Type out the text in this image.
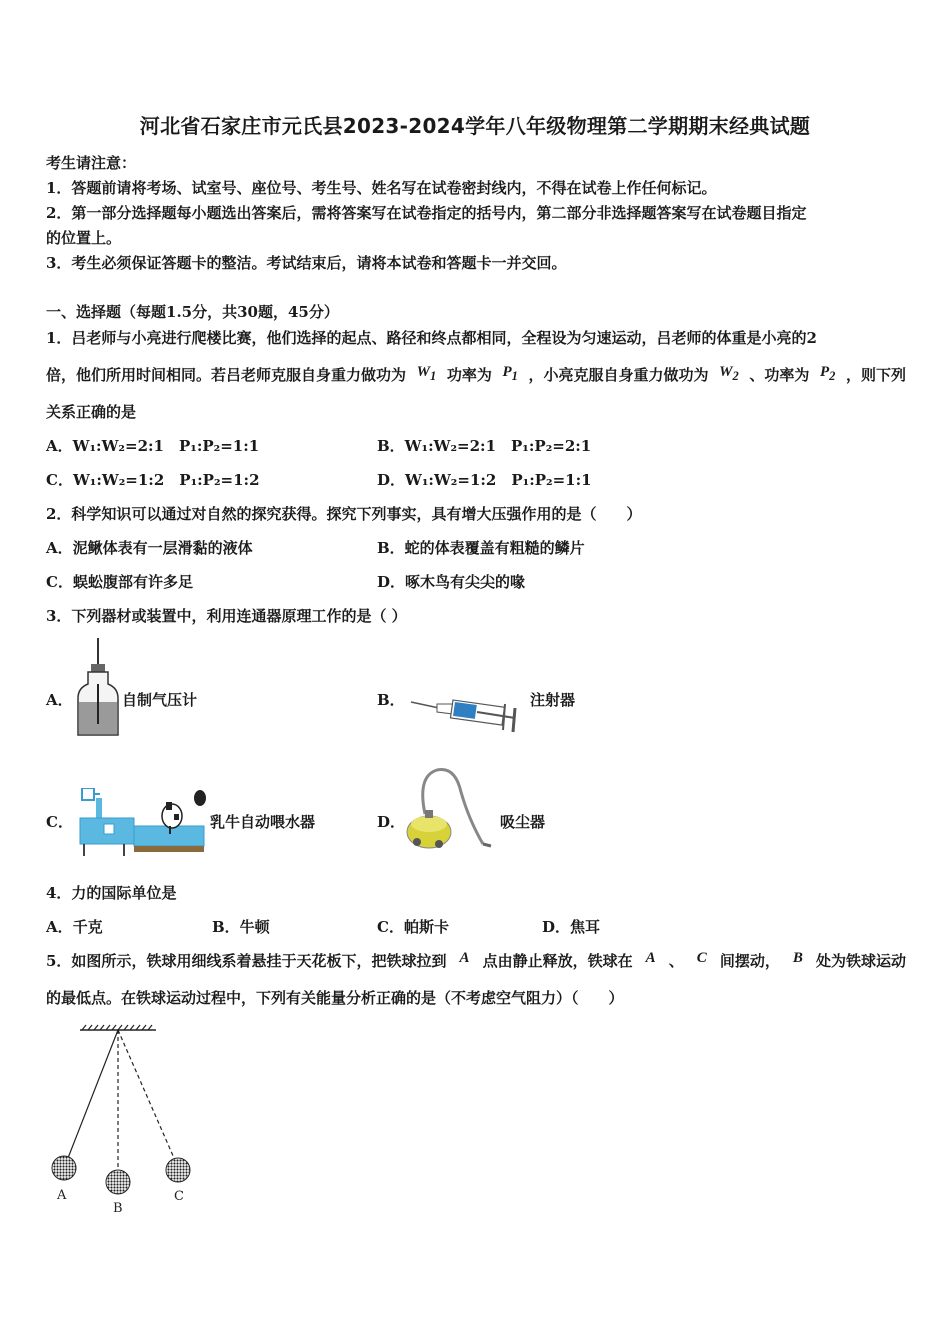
河北省石家庄市元氏县2023-2024学年八年级物理第二学期期末经典试题
考生请注意：
1．答题前请将考场、试室号、座位号、考生号、姓名写在试卷密封线内，不得在试卷上作任何标记。
2．第一部分选择题每小题选出答案后，需将答案写在试卷指定的括号内，第二部分非选择题答案写在试卷题目指定
的位置上。
3．考生必须保证答题卡的整洁。考试结束后，请将本试卷和答题卡一并交回。
一、选择题（每题1.5分，共30题，45分）
1．吕老师与小亮进行爬楼比赛，他们选择的起点、路径和终点都相同，全程设为匀速运动，吕老师的体重是小亮的2
倍，他们所用时间相同。若吕老师克服自身重力做功为 $W_1$ 功率为 $P_1$ ，小亮克服自身重力做功为 $W_2$ 、功率为 $P_2$ ，则下列
关系正确的是
A．W₁:W₂=2:1　P₁:P₂=1:1	B．W₁:W₂=2:1　P₁:P₂=2:1
C．W₁:W₂=1:2　P₁:P₂=1:2	D．W₁:W₂=1:2　P₁:P₂=1:1
2．科学知识可以通过对自然的探究获得。探究下列事实，具有增大压强作用的是（　　）
A．泥鳅体表有一层滑黏的液体	B．蛇的体表覆盖有粗糙的鳞片
C．蜈蚣腹部有许多足	D．啄木鸟有尖尖的喙
3．下列器材或装置中，利用连通器原理工作的是（ ）
A．	自制气压计	B．	注射器
C．	乳牛自动喂水器	D．	吸尘器
4．力的国际单位是
A．千克	B．牛顿	C．帕斯卡	D．焦耳
5．如图所示，铁球用细线系着悬挂于天花板下，把铁球拉到 A 点由静止释放，铁球在 A 、 C 间摆动， B 处为铁球运动
的最低点。在铁球运动过程中，下列有关能量分析正确的是（不考虑空气阻力）（　　）
A
B
C
